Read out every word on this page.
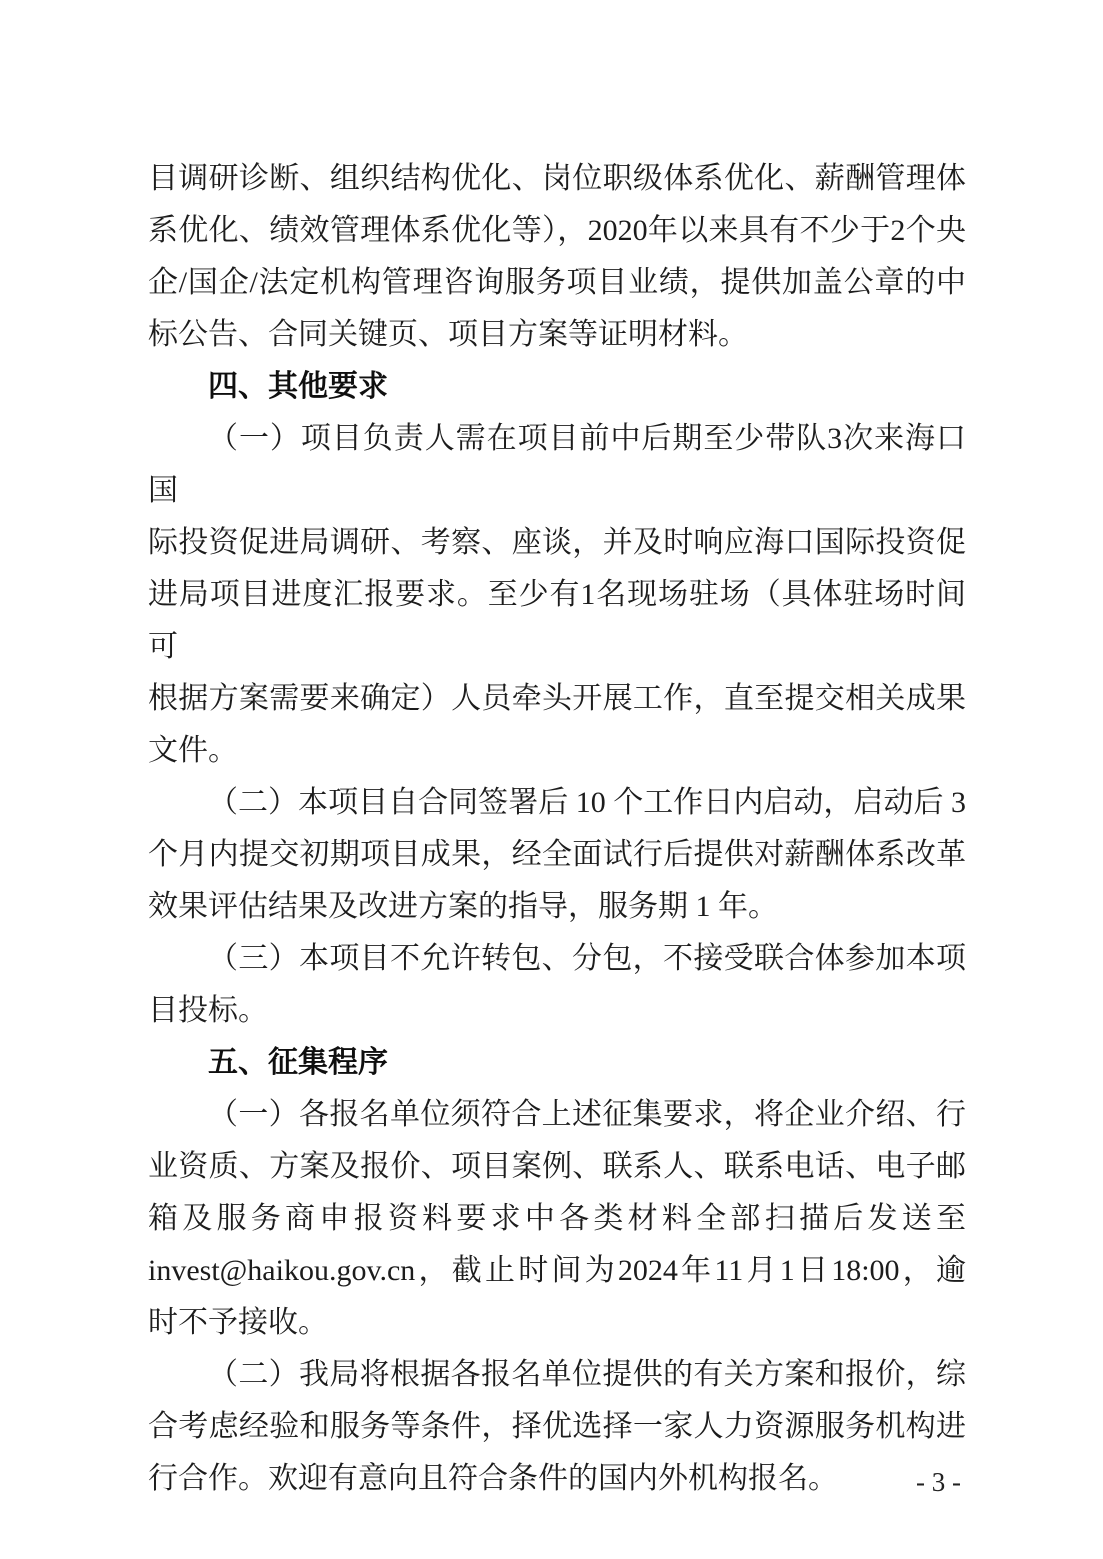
目调研诊断、组织结构优化、岗位职级体系优化、薪酬管理体
系优化、绩效管理体系优化等），2020年以来具有不少于2个央
企/国企/法定机构管理咨询服务项目业绩，提供加盖公章的中
标公告、合同关键页、项目方案等证明材料。
四、其他要求
（一）项目负责人需在项目前中后期至少带队3次来海口国
际投资促进局调研、考察、座谈，并及时响应海口国际投资促
进局项目进度汇报要求。至少有1名现场驻场（具体驻场时间可
根据方案需要来确定）人员牵头开展工作，直至提交相关成果
文件。
（二）本项目自合同签署后 10 个工作日内启动，启动后 3
个月内提交初期项目成果，经全面试行后提供对薪酬体系改革
效果评估结果及改进方案的指导，服务期 1 年。
（三）本项目不允许转包、分包，不接受联合体参加本项
目投标。
五、征集程序
（一）各报名单位须符合上述征集要求，将企业介绍、行
业资质、方案及报价、项目案例、联系人、联系电话、电子邮
箱及服务商申报资料要求中各类材料全部扫描后发送至
invest@haikou.gov.cn，截止时间为2024年11月1日18:00，逾
时不予接收。
（二）我局将根据各报名单位提供的有关方案和报价，综
合考虑经验和服务等条件，择优选择一家人力资源服务机构进
行合作。欢迎有意向且符合条件的国内外机构报名。	- 3 -
